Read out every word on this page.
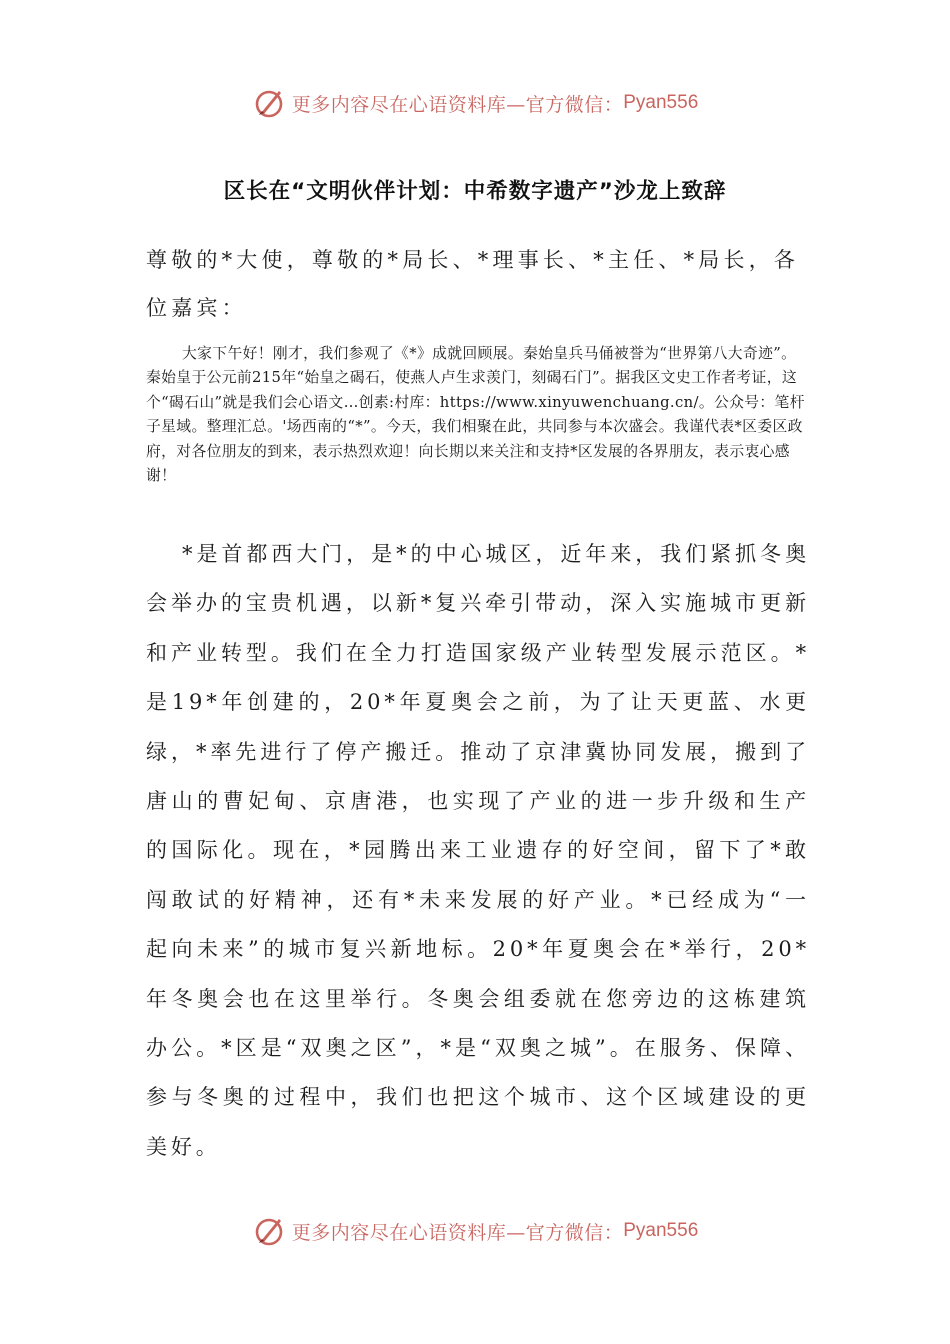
更多内容尽在心语资料库—官方微信： Pyan556
区长在“文明伙伴计划：中希数字遗产”沙龙上致辞

尊敬的*大使，尊敬的*局长、*理事长、*主任、*局长，各位嘉宾：

大家下午好！刚才，我们参观了《*》成就回顾展。秦始皇兵马俑被誉为“世界第八大奇迹”。秦始皇于公元前215年“始皇之碣石，使燕人卢生求羡门，刻碣石门”。据我区文史工作者考证，这个“碣石山”就是我们会心语文…创素:村库：https://www.xinyuwenchuang.cn/。公众号：笔杆子星域。整理汇总。'场西南的“*”。今天，我们相聚在此，共同参与本次盛会。我谨代表*区委区政府，对各位朋友的到来，表示热烈欢迎！向长期以来关注和支持*区发展的各界朋友，表示衷心感谢！

*是首都西大门，是*的中心城区，近年来，我们紧抓冬奥会举办的宝贵机遇，以新*复兴牵引带动，深入实施城市更新和产业转型。我们在全力打造国家级产业转型发展示范区。*是19*年创建的，20*年夏奥会之前，为了让天更蓝、水更绿，*率先进行了停产搬迁。推动了京津冀协同发展，搬到了唐山的曹妃甸、京唐港，也实现了产业的进一步升级和生产的国际化。现在，*园腾出来工业遗存的好空间，留下了*敢闯敢试的好精神，还有*未来发展的好产业。*已经成为“一起向未来”的城市复兴新地标。20*年夏奥会在*举行，20*年冬奥会也在这里举行。冬奥会组委就在您旁边的这栋建筑办公。*区是“双奥之区”，*是“双奥之城”。在服务、保障、参与冬奥的过程中，我们也把这个城市、这个区域建设的更美好。

更多内容尽在心语资料库—官方微信： Pyan556
